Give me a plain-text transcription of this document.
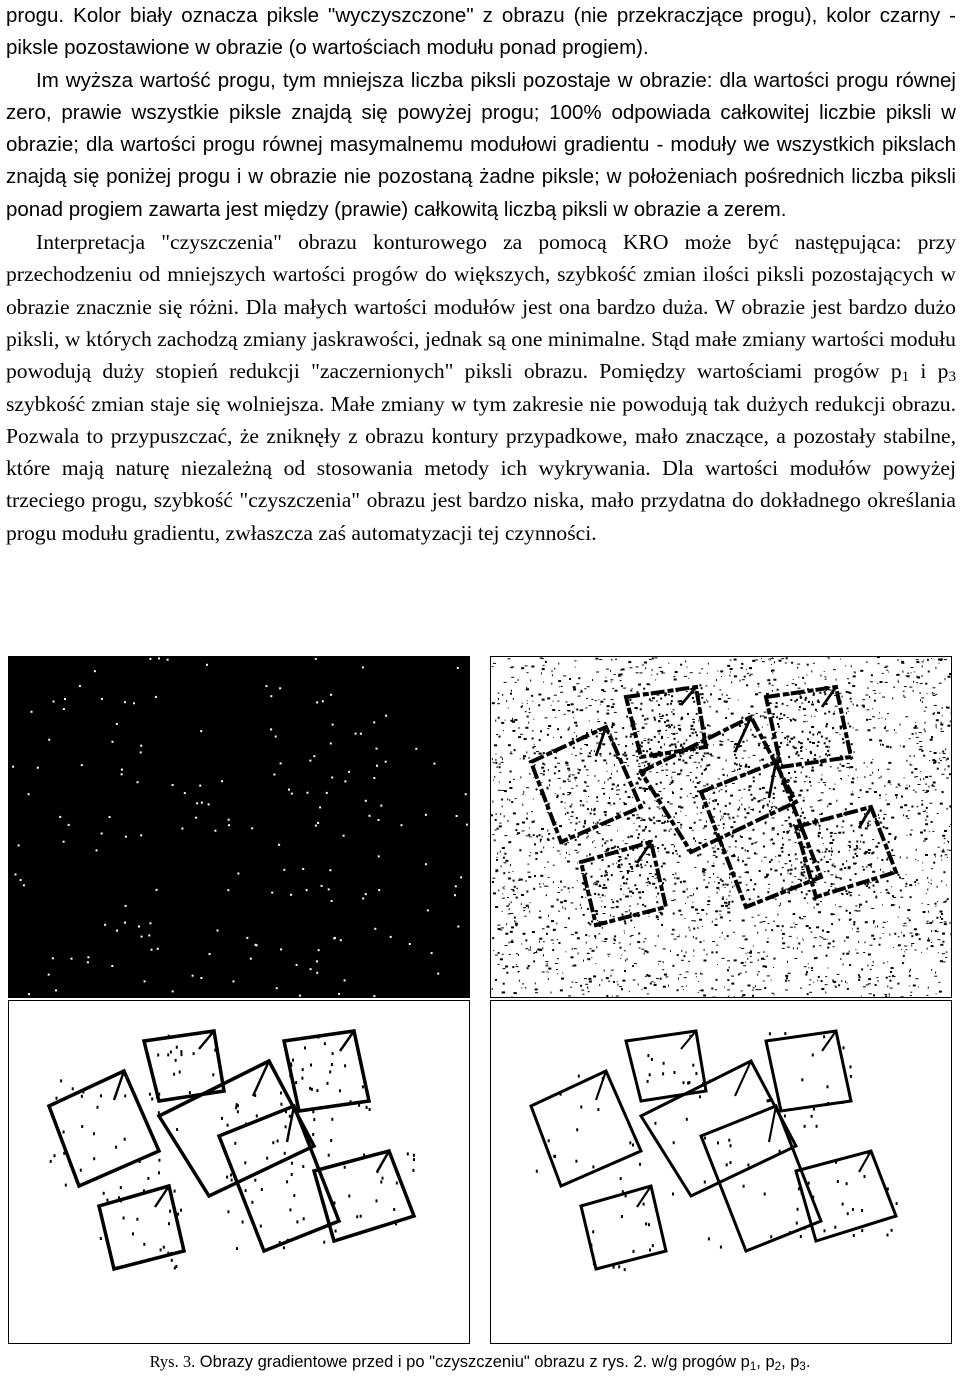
progu. Kolor biały oznacza piksle "wyczyszczone" z obrazu (nie przekraczjące progu), kolor czarny - piksle pozostawione w obrazie (o wartościach modułu ponad progiem).

Im wyższa wartość progu, tym mniejsza liczba piksli pozostaje w obrazie: dla wartości progu równej zero, prawie wszystkie piksle znajdą się powyżej progu; 100% odpowiada całkowitej liczbie piksli w obrazie; dla wartości progu równej masymalnemu modułowi gradientu - moduły we wszystkich pikslach znajdą się poniżej progu i w obrazie nie pozostaną żadne piksle; w położeniach pośrednich liczba piksli ponad progiem zawarta jest między (prawie) całkowitą liczbą piksli w obrazie a zerem.

Interpretacja "czyszczenia" obrazu konturowego za pomocą KRO może być następująca: przy przechodzeniu od mniejszych wartości progów do większych, szybkość zmian ilości piksli pozostających w obrazie znacznie się różni. Dla małych wartości modułów jest ona bardzo duża. W obrazie jest bardzo dużo piksli, w których zachodzą zmiany jaskrawości, jednak są one minimalne. Stąd małe zmiany wartości modułu powodują duży stopień redukcji "zaczernionych" piksli obrazu. Pomiędzy wartościami progów $p_1$ i $p_3$ szybkość zmian staje się wolniejsza. Małe zmiany w tym zakresie nie powodują tak dużych redukcji obrazu. Pozwala to przypuszczać, że zniknęły z obrazu kontury przypadkowe, mało znaczące, a pozostały stabilne, które mają naturę niezależną od stosowania metody ich wykrywania. Dla wartości modułów powyżej trzeciego progu, szybkość "czyszczenia" obrazu jest bardzo niska, mało przydatna do dokładnego określania progu modułu gradientu, zwłaszcza zaś automatyzacji tej czynności.

Rys. 3. Obrazy gradientowe przed i po "czyszczeniu" obrazu z rys. 2. w/g progów $p_1$, $p_2$, $p_3$.
